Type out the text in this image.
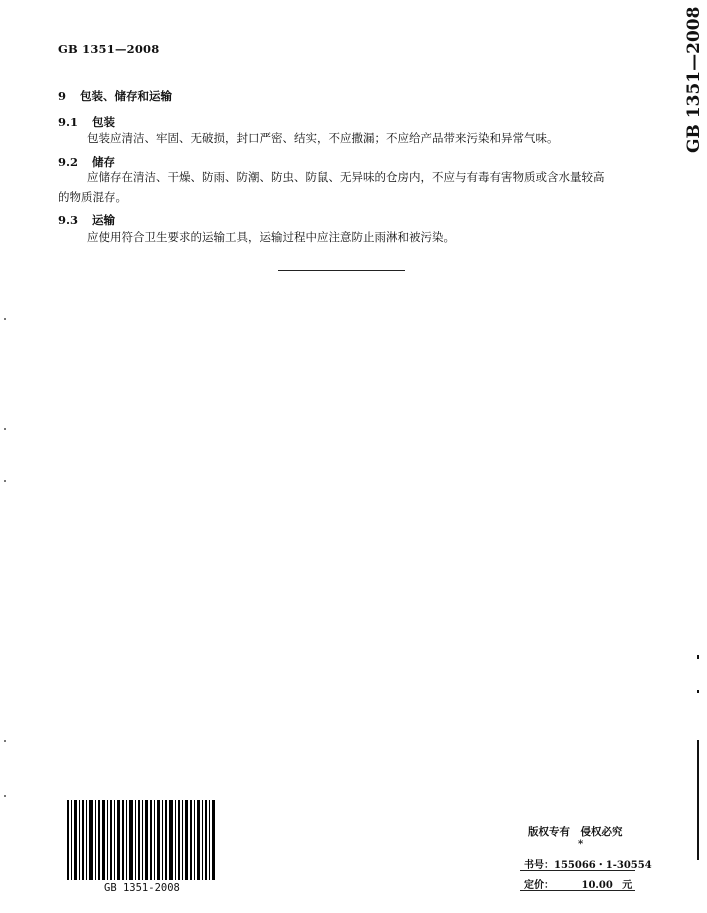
GB 1351—2008	GB 1351—2008
9 包装、储存和运输
9.1 包装
包装应清洁、牢固、无破损，封口严密、结实，不应撒漏；不应给产品带来污染和异常气味。
9.2 储存
应储存在清洁、干燥、防雨、防潮、防虫、防鼠、无异味的仓房内，不应与有毒有害物质或含水量较高
的物质混存。
9.3 运输
应使用符合卫生要求的运输工具，运输过程中应注意防止雨淋和被污染。
GB 1351-2008
版权专有　侵权必究
*
书号：155066・1-30554
定价：	10.00 元
